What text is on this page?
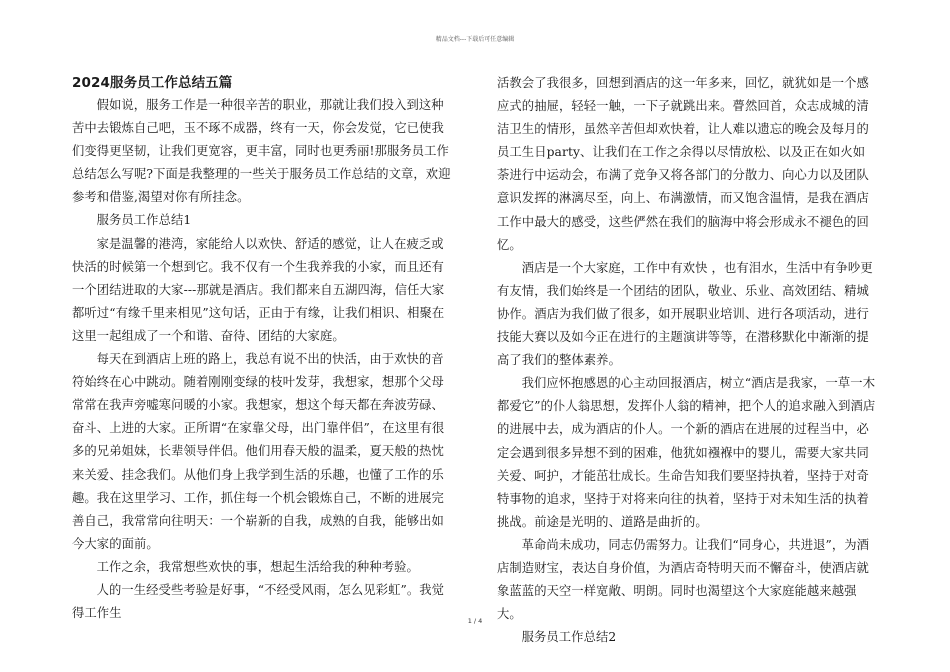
精品文档---下载后可任意编辑

2024服务员工作总结五篇

假如说，服务工作是一种很辛苦的职业，那就让我们投入到这种苦中去锻炼自己吧，玉不琢不成器，终有一天，你会发觉，它已使我们变得更坚韧，让我们更宽容，更丰富，同时也更秀丽!那服务员工作总结怎么写呢?下面是我整理的一些关于服务员工作总结的文章，欢迎参考和借鉴,渴望对你有所挂念。

服务员工作总结1

家是温馨的港湾，家能给人以欢快、舒适的感觉，让人在疲乏或快活的时候第一个想到它。我不仅有一个生我养我的小家，而且还有一个团结进取的大家---那就是酒店。我们都来自五湖四海，信任大家都听过“有缘千里来相见”这句话，正由于有缘，让我们相识、相聚在这里一起组成了一个和谐、奋待、团结的大家庭。

每天在到酒店上班的路上，我总有说不出的快活，由于欢快的音符始终在心中跳动。随着刚刚变绿的枝叶发芽，我想家，想那个父母常常在我声旁嘘寒问暖的小家。我想家，想这个每天都在奔波劳碌、奋斗、上进的大家。正所谓“在家靠父母，出门靠伴侣”，在这里有很多的兄弟姐妹，长辈领导伴侣。他们用春天般的温柔，夏天般的热忱来关爱、挂念我们。从他们身上我学到生活的乐趣，也懂了工作的乐趣。我在这里学习、工作，抓住每一个机会锻炼自己，不断的进展完善自己，我常常向往明天：一个崭新的自我，成熟的自我，能够出如今大家的面前。

工作之余，我常想些欢快的事，想起生活给我的种种考验。

人的一生经受些考验是好事，“不经受风雨，怎么见彩虹”。我觉得工作生

活教会了我很多，回想到酒店的这一年多来，回忆，就犹如是一个感应式的抽屉，轻轻一触，一下子就跳出来。瞢然回首，众志成城的清洁卫生的情形，虽然辛苦但却欢快着，让人难以遗忘的晚会及每月的员工生日party、让我们在工作之余得以尽情放松、以及正在如火如荼进行中运动会，布满了竞争又将各部门的分散力、向心力以及团队意识发挥的淋漓尽至，向上、布满激情，而又饱含温情，是我在酒店工作中最大的感受，这些俨然在我们的脑海中将会形成永不褪色的回忆。

酒店是一个大家庭，工作中有欢快 ，也有泪水，生活中有争吵更有友情，我们始终是一个团结的团队，敬业、乐业、高效团结、精城协作。酒店为我们做了很多，如开展职业培训、进行各项活动，进行技能大赛以及如今正在进行的主题演讲等等，在潜移默化中渐渐的提高了我们的整体素养。

我们应怀抱感恩的心主动回报酒店，树立“酒店是我家，一草一木都爱它”的仆人翁思想，发挥仆人翁的精神，把个人的追求融入到酒店的进展中去，成为酒店的仆人。一个新的酒店在进展的过程当中，必定会遇到很多异想不到的困难，他犹如襁褓中的婴儿，需要大家共同关爱、呵护，才能茁壮成长。生命告知我们要坚持执着，坚持于对奇特事物的追求，坚持于对将来向往的执着，坚持于对未知生活的执着挑战。前途是光明的、道路是曲折的。

革命尚未成功，同志仍需努力。让我们“同身心，共进退”，为酒店制造财宝，表达自身价值，为酒店奇特明天而不懈奋斗，使酒店就象蓝蓝的天空一样宽敞、明朗。同时也渴望这个大家庭能越来越强大。

服务员工作总结2

1 / 4
